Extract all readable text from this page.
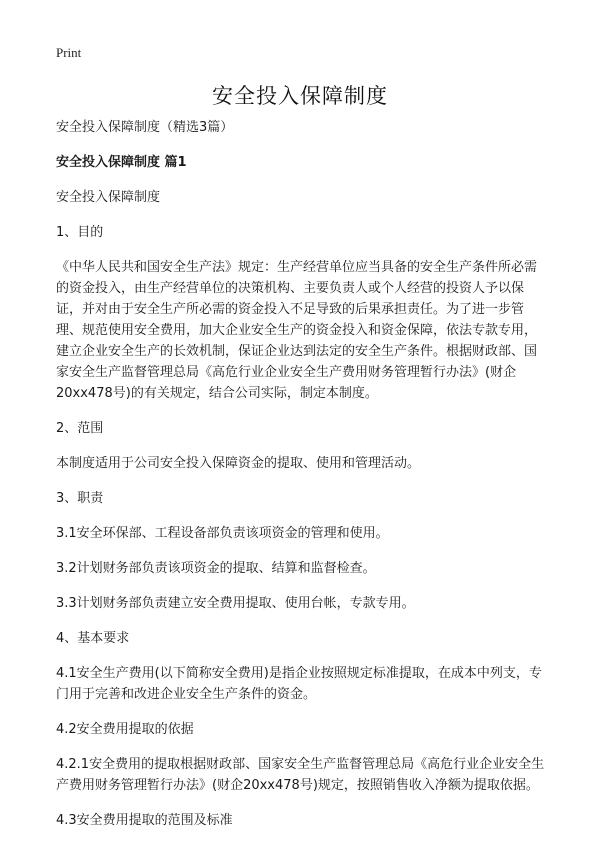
Print
安全投入保障制度

安全投入保障制度（精选3篇）

安全投入保障制度 篇1

安全投入保障制度

1、目的

《中华人民共和国安全生产法》规定：生产经营单位应当具备的安全生产条件所必需的资金投入，由生产经营单位的决策机构、主要负责人或个人经营的投资人予以保证，并对由于安全生产所必需的资金投入不足导致的后果承担责任。为了进一步管理、规范使用安全费用，加大企业安全生产的资金投入和资金保障，依法专款专用，建立企业安全生产的长效机制，保证企业达到法定的安全生产条件。根据财政部、国家安全生产监督管理总局《高危行业企业安全生产费用财务管理暂行办法》(财企20xx478号)的有关规定，结合公司实际，制定本制度。

2、范围

本制度适用于公司安全投入保障资金的提取、使用和管理活动。

3、职责

3.1安全环保部、工程设备部负责该项资金的管理和使用。

3.2计划财务部负责该项资金的提取、结算和监督检查。

3.3计划财务部负责建立安全费用提取、使用台帐，专款专用。

4、基本要求

4.1安全生产费用(以下简称安全费用)是指企业按照规定标准提取，在成本中列支，专门用于完善和改进企业安全生产条件的资金。

4.2安全费用提取的依据

4.2.1安全费用的提取根据财政部、国家安全生产监督管理总局《高危行业企业安全生产费用财务管理暂行办法》(财企20xx478号)规定，按照销售收入净额为提取依据。

4.3安全费用提取的范围及标准
